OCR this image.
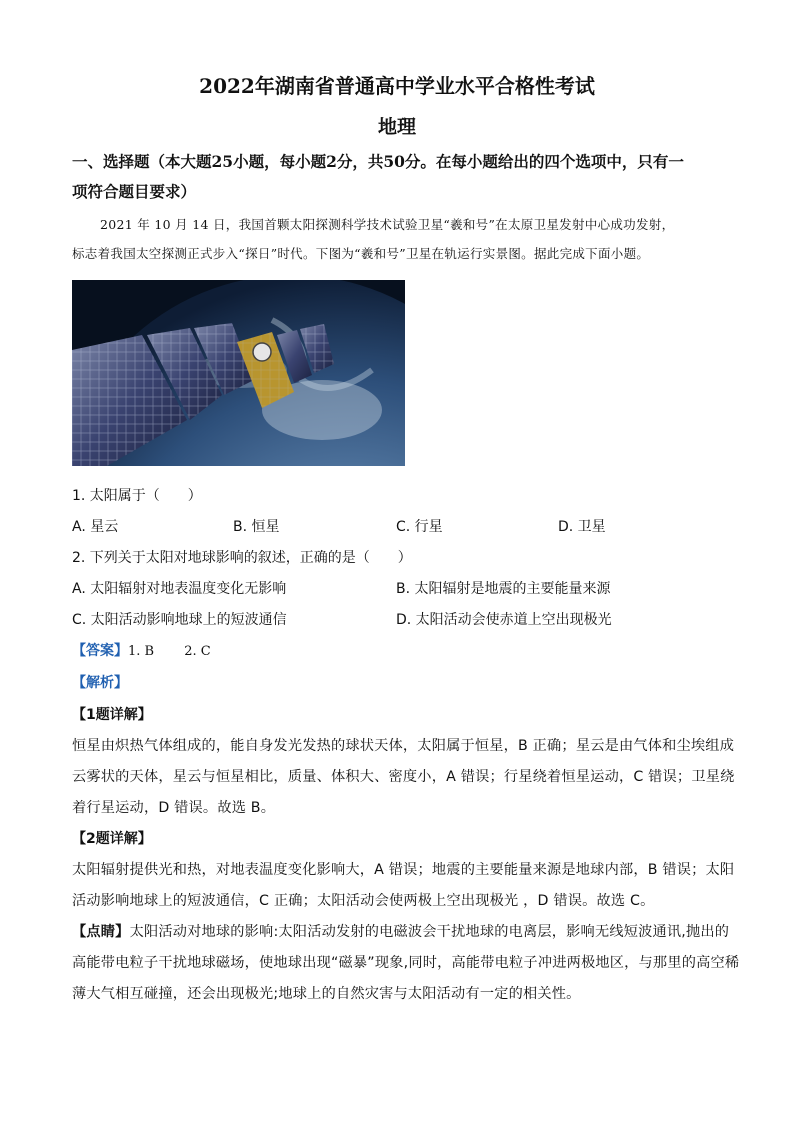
2022年湖南省普通高中学业水平合格性考试
地理
一、选择题（本大题25小题，每小题2分，共50分。在每小题给出的四个选项中，只有一
项符合题目要求）
2021 年 10 月 14 日，我国首颗太阳探测科学技术试验卫星“羲和号”在太原卫星发射中心成功发射，
标志着我国太空探测正式步入“探日”时代。下图为“羲和号”卫星在轨运行实景图。据此完成下面小题。
1. 太阳属于（　　）
A. 星云	B. 恒星	C. 行星	D. 卫星
2. 下列关于太阳对地球影响的叙述，正确的是（　　）
A. 太阳辐射对地表温度变化无影响	B. 太阳辐射是地震的主要能量来源
C. 太阳活动影响地球上的短波通信	D. 太阳活动会使赤道上空出现极光
【答案】1. B　　 2. C
【解析】
【1题详解】
恒星由炽热气体组成的，能自身发光发热的球状天体，太阳属于恒星，B 正确；星云是由气体和尘埃组成
云雾状的天体，星云与恒星相比，质量、体积大、密度小，A 错误；行星绕着恒星运动，C 错误；卫星绕
着行星运动，D 错误。故选 B。
【2题详解】
太阳辐射提供光和热，对地表温度变化影响大，A 错误；地震的主要能量来源是地球内部，B 错误；太阳
活动影响地球上的短波通信，C 正确；太阳活动会使两极上空出现极光 ，D 错误。故选 C。
【点睛】太阳活动对地球的影响:太阳活动发射的电磁波会干扰地球的电离层，影响无线短波通讯,抛出的
高能带电粒子干扰地球磁场，使地球出现“磁暴”现象,同时，高能带电粒子冲进两极地区，与那里的高空稀
薄大气相互碰撞，还会出现极光;地球上的自然灾害与太阳活动有一定的相关性。
